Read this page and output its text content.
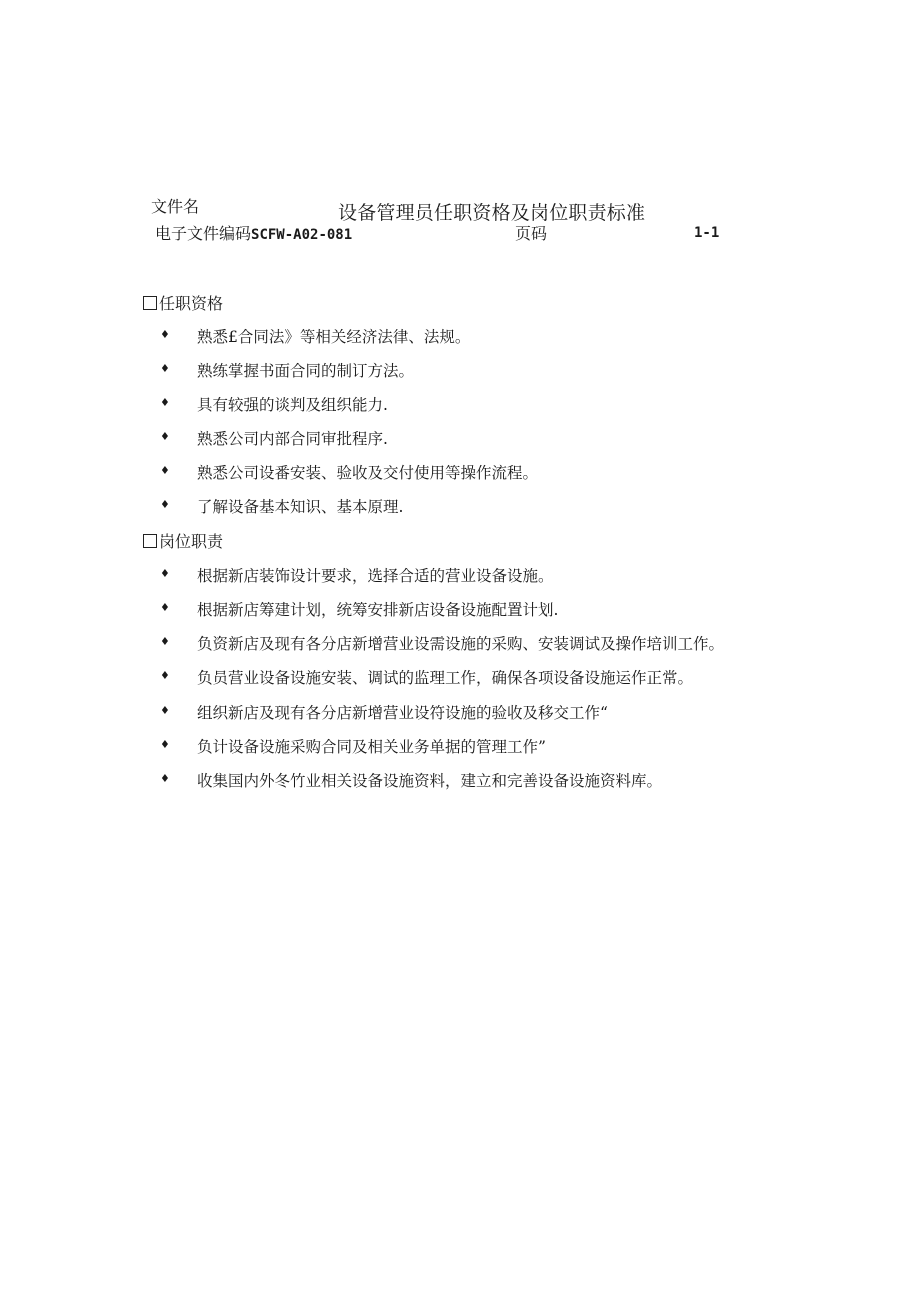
文件名	设备管理员任职资格及岗位职责标准
电子文件编码SCFW-A02-081	页码	1-1
任职资格
♦ 熟悉£合同法》等相关经济法律、法规。
♦ 熟练掌握书面合同的制订方法。
♦ 具有较强的谈判及组织能力.
♦ 熟悉公司内部合同审批程序.
♦ 熟悉公司设番安装、验收及交付使用等操作流程。
♦ 了解设备基本知识、基本原理.
岗位职责
♦ 根据新店装饰设计要求，选择合适的营业设备设施。
♦ 根据新店筹建计划，统筹安排新店设备设施配置计划.
♦ 负资新店及现有各分店新增营业设需设施的采购、安装调试及操作培训工作。
♦ 负员营业设备设施安装、调试的监理工作，确保各项设备设施运作正常。
♦ 组织新店及现有各分店新增营业设符设施的验收及移交工作“
♦ 负计设备设施采购合同及相关业务单据的管理工作”
♦ 收集国内外冬竹业相关设备设施资料，建立和完善设备设施资料库。
